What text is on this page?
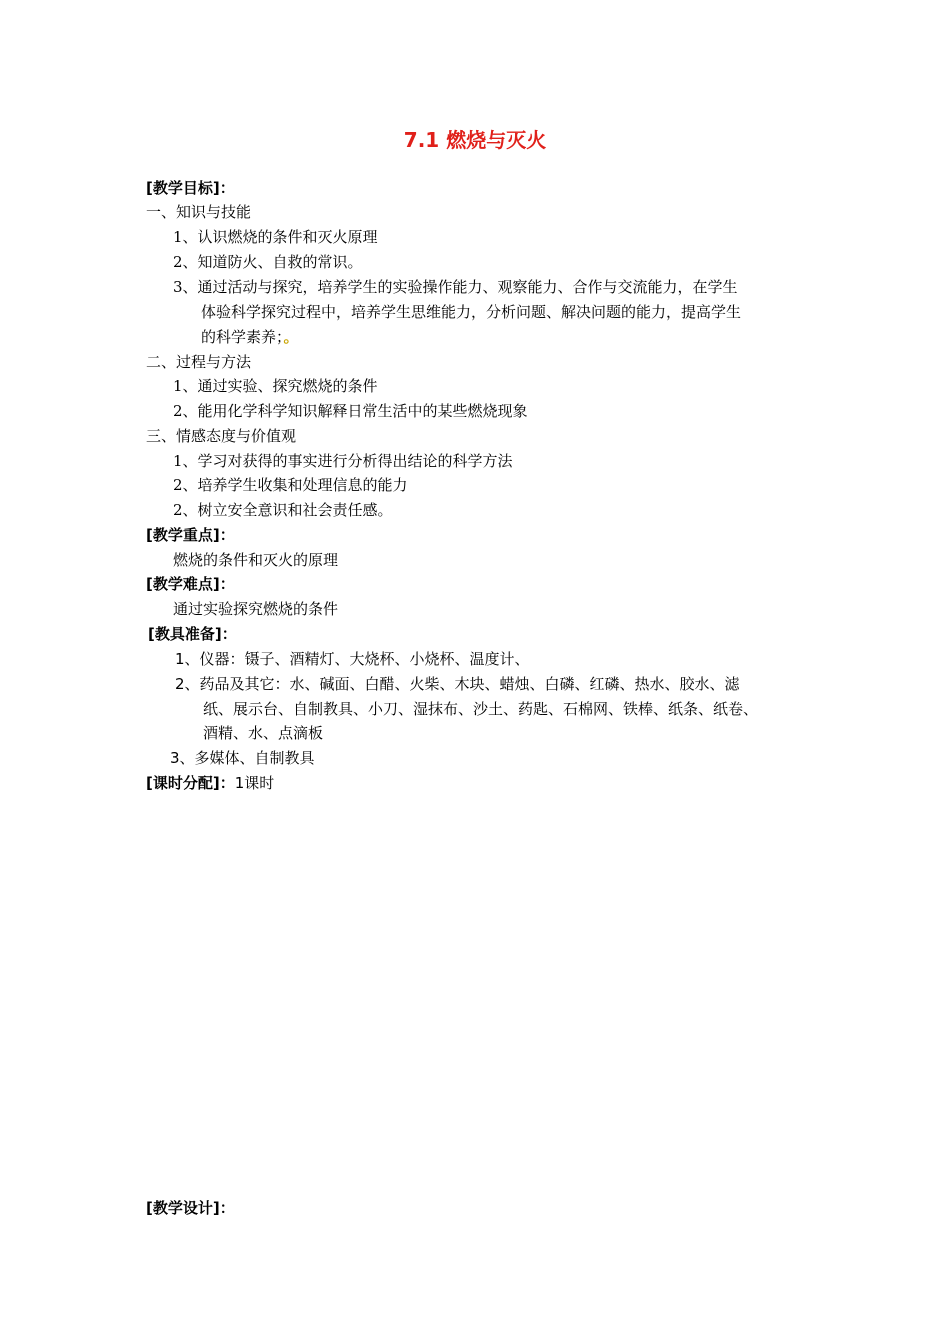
7.1 燃烧与灭火
[教学目标]：
一、知识与技能
1、认识燃烧的条件和灭火原理
2、知道防火、自救的常识。
3、通过活动与探究，培养学生的实验操作能力、观察能力、合作与交流能力，在学生
体验科学探究过程中，培养学生思维能力，分析问题、解决问题的能力，提高学生
的科学素养；。
二、过程与方法
1、通过实验、探究燃烧的条件
2、能用化学科学知识解释日常生活中的某些燃烧现象
三、情感态度与价值观
1、学习对获得的事实进行分析得出结论的科学方法
2、培养学生收集和处理信息的能力
2、树立安全意识和社会责任感。
[教学重点]：
燃烧的条件和灭火的原理
[教学难点]：
通过实验探究燃烧的条件
[教具准备]：
1、仪器：镊子、酒精灯、大烧杯、小烧杯、温度计、
2、药品及其它：水、碱面、白醋、火柴、木块、蜡烛、白磷、红磷、热水、胶水、滤
纸、展示台、自制教具、小刀、湿抹布、沙土、药匙、石棉网、铁棒、纸条、纸卷、
酒精、水、点滴板
3、多媒体、自制教具
[课时分配]：1课时
[教学设计]：
